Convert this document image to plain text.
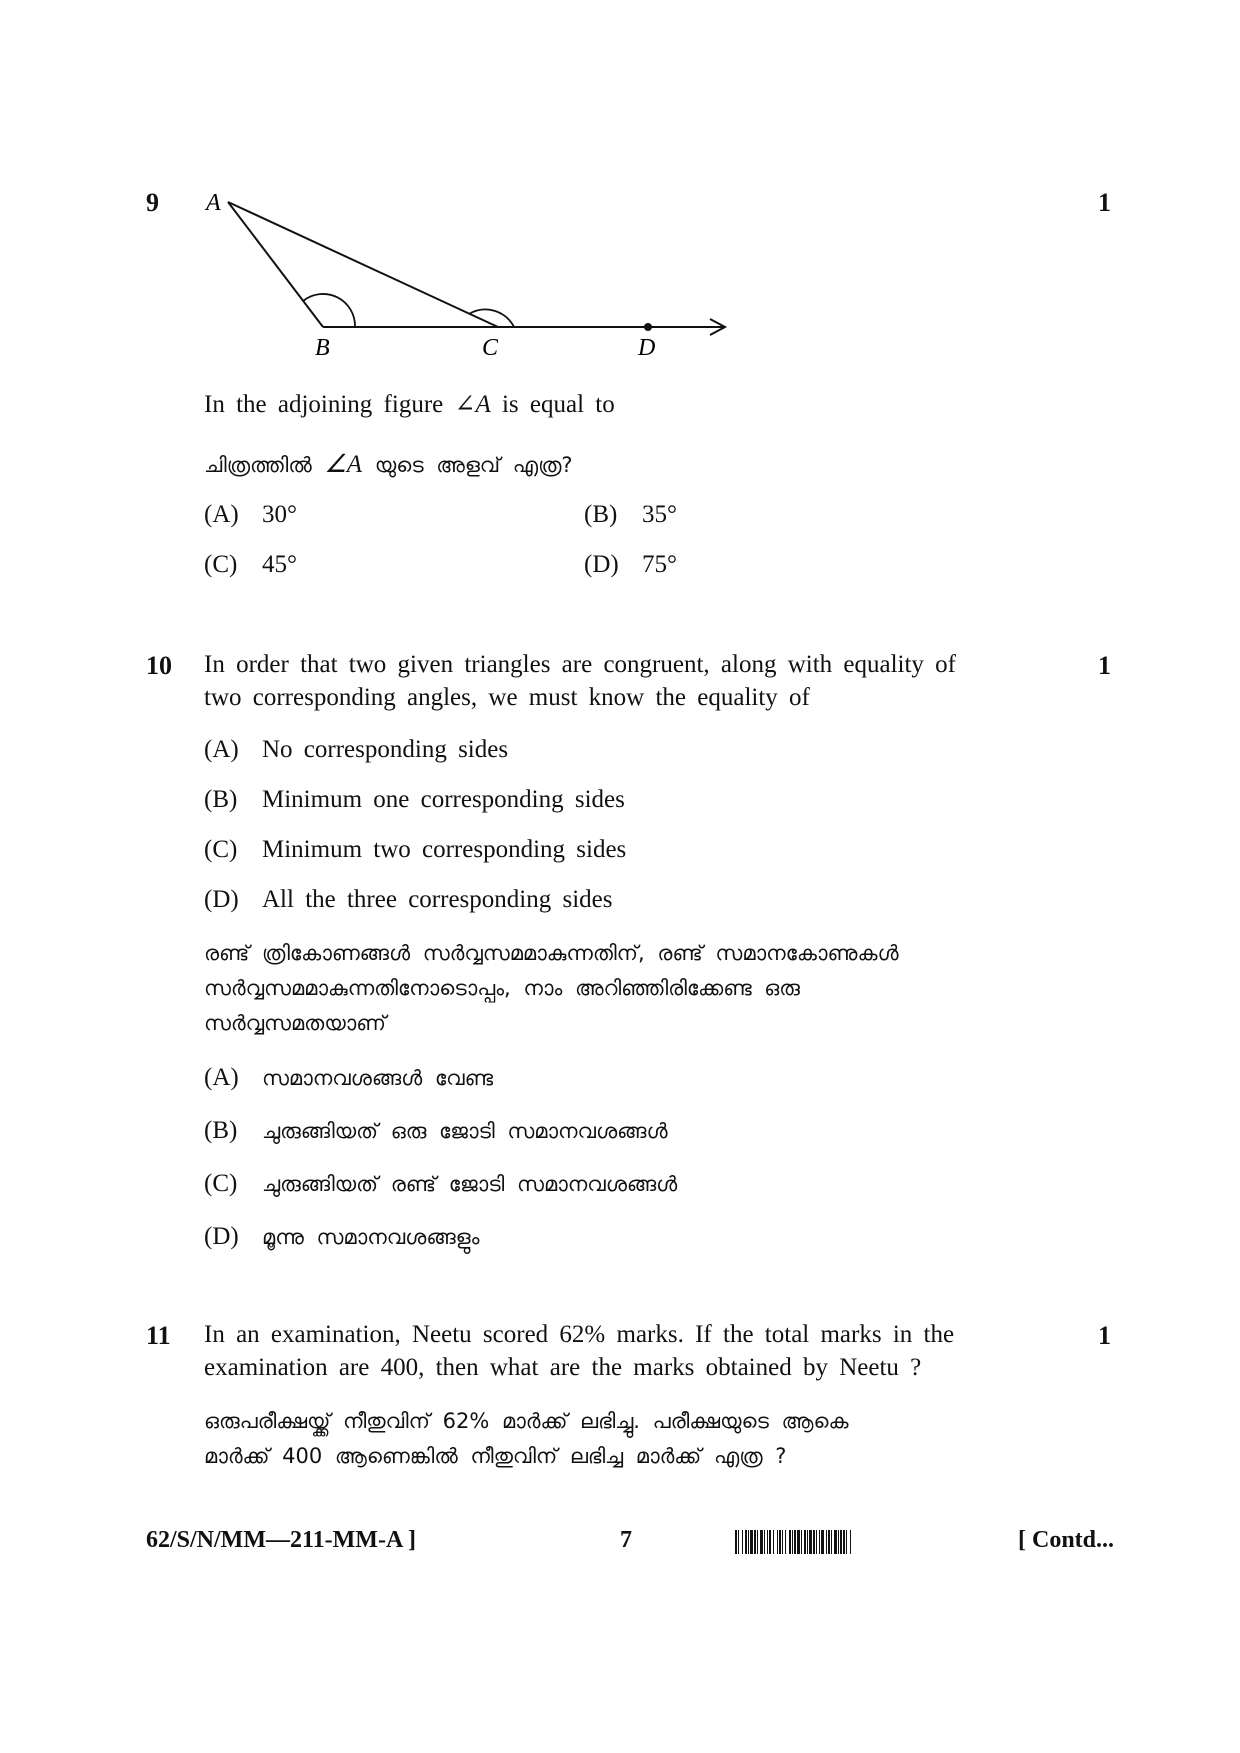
9	1
A
B	C	D
In the adjoining figure ∠A is equal to
ചിത്രത്തിൽ ∠A യുടെ അളവ് എത്ര?
(A) 30°	(B) 35°
(C) 45°	(D) 75°
10	1
In order that two given triangles are congruent, along with equality of
two corresponding angles, we must know the equality of
(A) No corresponding sides
(B) Minimum one corresponding sides
(C) Minimum two corresponding sides
(D) All the three corresponding sides
രണ്ട് ത്രികോണങ്ങൾ സർവ്വസമമാകുന്നതിന്, രണ്ട് സമാനകോണുകൾ
സർവ്വസമമാകുന്നതിനോടൊപ്പം, നാം അറിഞ്ഞിരിക്കേണ്ട ഒരു
സർവ്വസമതയാണ്
(A) സമാനവശങ്ങൾ വേണ്ട
(B) ചുരുങ്ങിയത് ഒരു ജോടി സമാനവശങ്ങൾ
(C) ചുരുങ്ങിയത് രണ്ട് ജോടി സമാനവശങ്ങൾ
(D) മൂന്നു സമാനവശങ്ങളും
11	1
In an examination, Neetu scored 62% marks. If the total marks in the
examination are 400, then what are the marks obtained by Neetu ?
ഒരുപരീക്ഷയ്ക്ക് നീതുവിന് 62% മാർക്ക് ലഭിച്ചു. പരീക്ഷയുടെ ആകെ
മാർക്ക് 400 ആണെങ്കിൽ നീതുവിന് ലഭിച്ച മാർക്ക് എത്ര ?
62/S/N/MM—211-MM-A ]	7	[ Contd...
